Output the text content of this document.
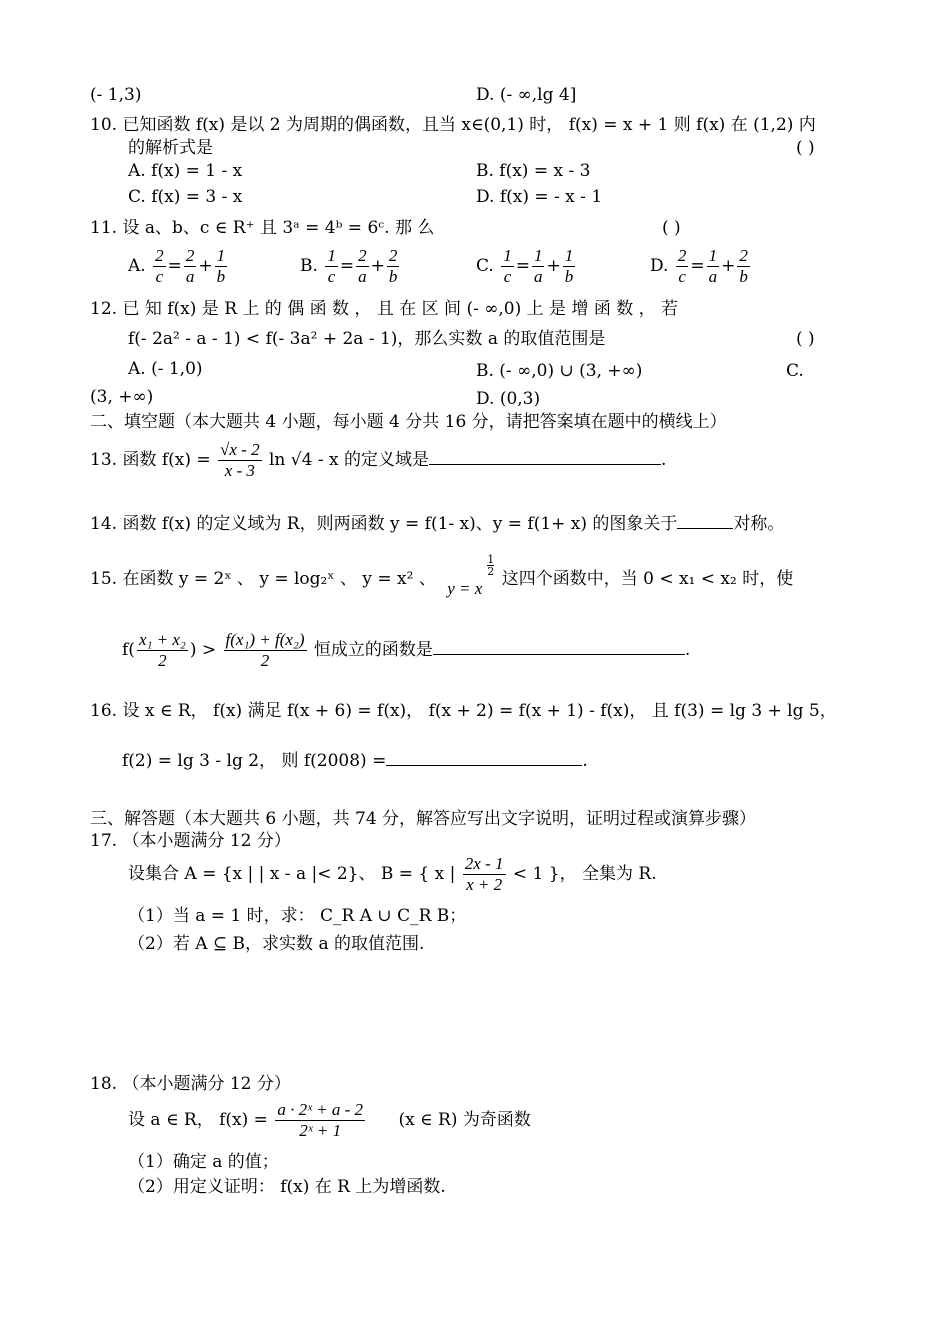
(- 1,3)	D. (- ∞,lg 4]
10. 已知函数 f(x) 是以 2 为周期的偶函数，且当 x∈(0,1) 时， f(x) = x + 1 则 f(x) 在 (1,2) 内
的解析式是	( )
A. f(x) = 1 - x	B. f(x) = x - 3
C. f(x) = 3 - x	D. f(x) = - x - 1
11. 设 a、b、c ∈ R⁺ 且 3ᵃ = 4ᵇ = 6ᶜ. 那 么	( )
A. $\frac{2}{c} = \frac{2}{a} + \frac{1}{b}$	B. $\frac{1}{c} = \frac{2}{a} + \frac{2}{b}$	C. $\frac{1}{c} = \frac{1}{a} + \frac{1}{b}$	D. $\frac{2}{c} = \frac{1}{a} + \frac{2}{b}$
12. 已 知 f(x) 是 R 上 的 偶 函 数 ， 且 在 区 间 (- ∞,0) 上 是 增 函 数 ， 若
f(- 2a² - a - 1) < f(- 3a² + 2a - 1)，那么实数 a 的取值范围是	( )
A. (- 1,0)	B. (- ∞,0) ∪ (3, +∞)	C.
(3, +∞)	D. (0,3)
二、填空题（本大题共 4 小题，每小题 4 分共 16 分，请把答案填在题中的横线上）
13. 函数 $f(x) = \frac{√x - 2}{x - 3}$ ln √4 - x 的定义域是	.
14. 函数 f(x) 的定义域为 R，则两函数 y = f(1- x)、y = f(1+ x) 的图象关于	对称。
15. 在函数 y = 2ˣ 、 y = log₂ˣ 、 y = x² 、 y = x
1
2 这四个函数中，当 0 < x₁ < x₂ 时，使
$f( \frac{\text{x₁ + x₂}}{2}$ ) > $\frac{\text{f(x₁) + f(x₂)}}{2}$ 恒成立的函数是	.
16. 设 x ∈ R， f(x) 满足 f(x + 6) = f(x)， f(x + 2) = f(x + 1) - f(x)， 且 f(3) = lg 3 + lg 5，
f(2) = lg 3 - lg 2， 则 f(2008) =	.
三、解答题（本大题共 6 小题，共 74 分，解答应写出文字说明，证明过程或演算步骤）
17. （本小题满分 12 分）
设集合 A = {x | | x - a |< 2}、 B = { x | $\frac{2x - 1}{x + 2} < 1$ }， 全集为 R.
（1）当 a = 1 时，求： C_R A ∪ C_R B；
（2）若 A ⊆ B，求实数 a 的取值范围.
18. （本小题满分 12 分）
设 a ∈ R， $f(x) = \frac{\text{a · 2ˣ + a - 2}}{\text{2ˣ + 1}} (x$ ∈ R) 为奇函数
（1）确定 a 的值；
（2）用定义证明： f(x) 在 R 上为增函数.
